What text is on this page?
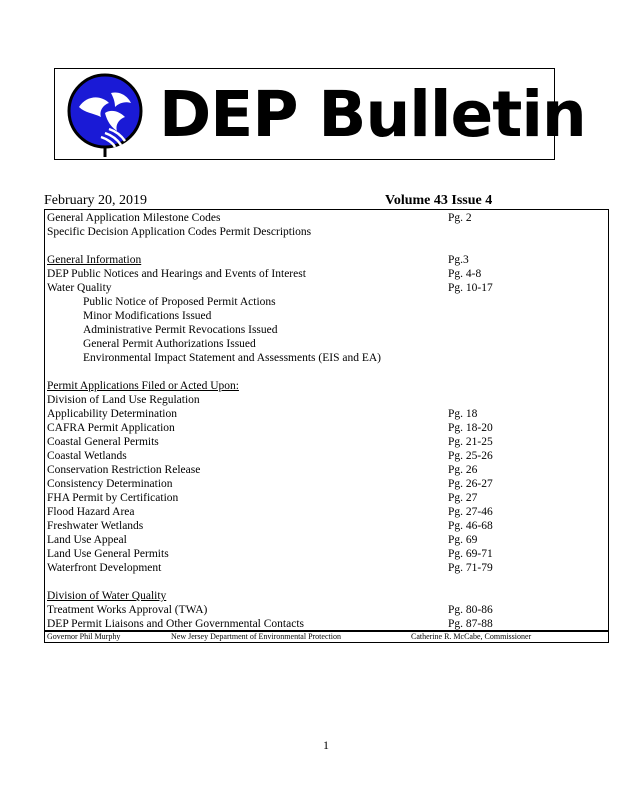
DEP Bulletin
February 20, 2019	Volume 43 Issue 4
General Application Milestone Codes	Pg. 2
Specific Decision Application Codes Permit Descriptions
General Information	Pg.3
DEP Public Notices and Hearings and Events of Interest	Pg. 4-8
Water Quality	Pg. 10-17
Public Notice of Proposed Permit Actions
Minor Modifications Issued
Administrative Permit Revocations Issued
General Permit Authorizations Issued
Environmental Impact Statement and Assessments (EIS and EA)
Permit Applications Filed or Acted Upon:
Division of Land Use Regulation
Applicability Determination	Pg. 18
CAFRA Permit Application	Pg. 18-20
Coastal General Permits	Pg. 21-25
Coastal Wetlands	Pg. 25-26
Conservation Restriction Release	Pg. 26
Consistency Determination	Pg. 26-27
FHA Permit by Certification	Pg. 27
Flood Hazard Area	Pg. 27-46
Freshwater Wetlands	Pg. 46-68
Land Use Appeal	Pg. 69
Land Use General Permits	Pg. 69-71
Waterfront Development	Pg. 71-79
Division of Water Quality
Treatment Works Approval (TWA)	Pg. 80-86
DEP Permit Liaisons and Other Governmental Contacts	Pg. 87-88
Governor Phil Murphy	New Jersey Department of Environmental Protection	Catherine R. McCabe, Commissioner
1
